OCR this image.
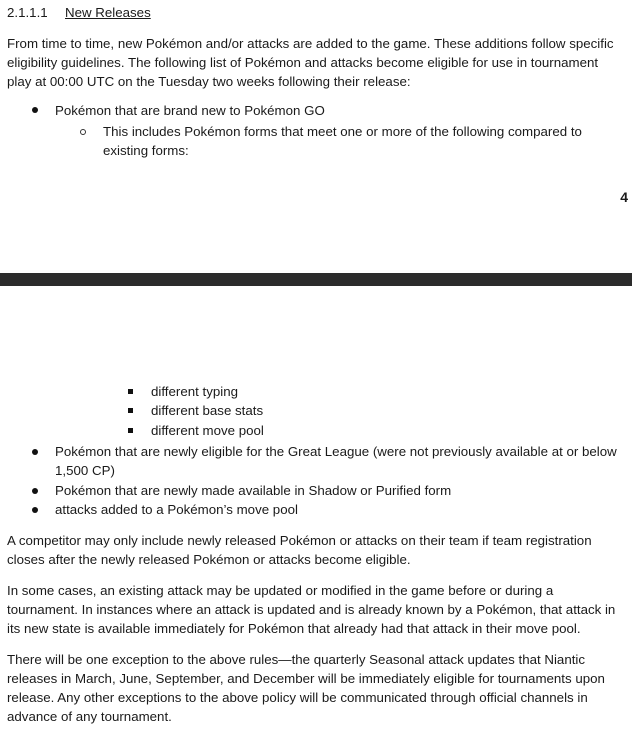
2.1.1.1 New Releases
From time to time, new Pokémon and/or attacks are added to the game. These additions follow specific
eligibility guidelines. The following list of Pokémon and attacks become eligible for use in tournament
play at 00:00 UTC on the Tuesday two weeks following their release:
Pokémon that are brand new to Pokémon GO
This includes Pokémon forms that meet one or more of the following compared to
existing forms:
4
different typing
different base stats
different move pool
Pokémon that are newly eligible for the Great League (were not previously available at or below
1,500 CP)
Pokémon that are newly made available in Shadow or Purified form
attacks added to a Pokémon’s move pool
A competitor may only include newly released Pokémon or attacks on their team if team registration
closes after the newly released Pokémon or attacks become eligible.
In some cases, an existing attack may be updated or modified in the game before or during a
tournament. In instances where an attack is updated and is already known by a Pokémon, that attack in
its new state is available immediately for Pokémon that already had that attack in their move pool.
There will be one exception to the above rules—the quarterly Seasonal attack updates that Niantic
releases in March, June, September, and December will be immediately eligible for tournaments upon
release. Any other exceptions to the above policy will be communicated through official channels in
advance of any tournament.
